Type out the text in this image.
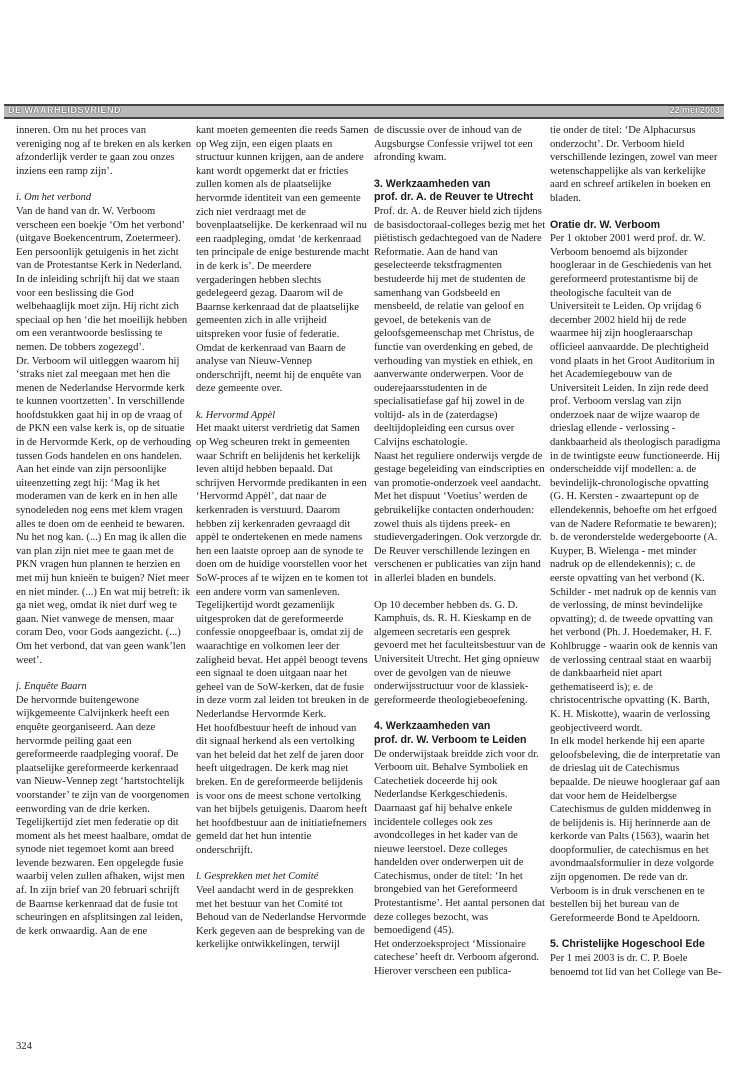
DE WAARHEIDSVRIEND	22 mei 2003

inneren. Om nu het proces van vereniging nog af te breken en als kerken afzonderlijk verder te gaan zou onzes inziens een ramp zijn’.

i. Om het verbond

Van de hand van dr. W. Verboom verscheen een boekje ‘Om het verbond’ (uitgave Boekencentrum, Zoetermeer). Een persoonlijk getuigenis in het zicht van de Protestantse Kerk in Nederland. In de inleiding schrijft hij dat we staan voor een beslissing die God welbehaaglijk moet zijn. Hij richt zich speciaal op hen ‘die het moeilijk hebben om een verantwoorde beslissing te nemen. De tobbers zogezegd’.

Dr. Verboom wil uitleggen waarom hij ‘straks niet zal meegaan met hen die menen de Nederlandse Hervormde kerk te kunnen voortzetten’. In verschillende hoofdstukken gaat hij in op de vraag of de PKN een valse kerk is, op de situatie in de Hervormde Kerk, op de verhouding tussen Gods handelen en ons handelen. Aan het einde van zijn persoonlijke uiteenzetting zegt hij: ‘Mag ik het moderamen van de kerk en in hen alle synodeleden nog eens met klem vragen alles te doen om de eenheid te bewaren. Nu het nog kan. (...) En mag ik allen die van plan zijn niet mee te gaan met de PKN vragen hun plannen te herzien en met mij hun knieën te buigen? Niet meer en niet minder. (...) En wat mij betreft: ik ga niet weg, omdat ik niet durf weg te gaan. Niet vanwege de mensen, maar coram Deo, voor Gods aangezicht. (...) Om het verbond, dat van geen wank’len weet’.

j. Enquête Baarn

De hervormde buitengewone wijkgemeente Calvijnkerk heeft een enquête georganiseerd. Aan deze hervormde peiling gaat een gereformeerde raadpleging vooraf. De plaatselijke gereformeerde kerkenraad van Nieuw-Vennep zegt ‘hartstochtelijk voorstander’ te zijn van de voorgenomen eenwording van de drie kerken. Tegelijkertijd ziet men federatie op dit moment als het meest haalbare, omdat de synode niet tegemoet komt aan breed levende bezwaren. Een opgelegde fusie waarbij velen zullen afhaken, wijst men af. In zijn brief van 20 februari schrijft de Baarnse kerkenraad dat de fusie tot scheuringen en afsplitsingen zal leiden, de kerk onwaardig. Aan de ene

kant moeten gemeenten die reeds Samen op Weg zijn, een eigen plaats en structuur kunnen krijgen, aan de andere kant wordt opgemerkt dat er fricties zullen komen als de plaatselijke hervormde identiteit van een gemeente zich niet verdraagt met de bovenplaatselijke. De kerkenraad wil nu een raadpleging, omdat ‘de kerkenraad ten principale de enige besturende macht in de kerk is’. De meerdere vergaderingen hebben slechts gedelegeerd gezag. Daarom wil de Baarnse kerkenraad dat de plaatselijke gemeenten zich in alle vrijheid uitspreken voor fusie of federatie. Omdat de kerkenraad van Baarn de analyse van Nieuw-Vennep onderschrijft, neemt hij de enquête van deze gemeente over.

k. Hervormd Appèl

Het maakt uiterst verdrietig dat Samen op Weg scheuren trekt in gemeenten waar Schrift en belijdenis het kerkelijk leven altijd hebben bepaald. Dat schrijven Hervormde predikanten in een ‘Hervormd Appèl’, dat naar de kerkenraden is verstuurd. Daarom hebben zij kerkenraden gevraagd dit appèl te ondertekenen en mede namens hen een laatste oproep aan de synode te doen om de huidige voorstellen voor het SoW-proces af te wijzen en te komen tot een andere vorm van samenleven. Tegelijkertijd wordt gezamenlijk uitgesproken dat de gereformeerde confessie onopgeefbaar is, omdat zij de waarachtige en volkomen leer der zaligheid bevat. Het appèl beoogt tevens een signaal te doen uitgaan naar het geheel van de SoW-kerken, dat de fusie in deze vorm zal leiden tot breuken in de Nederlandse Hervormde Kerk.

Het hoofdbestuur heeft de inhoud van dit signaal herkend als een vertolking van het beleid dat het zelf de jaren door heeft uitgedragen. De kerk mag niet breken. En de gereformeerde belijdenis is voor ons de meest schone vertolking van het bijbels getuigenis. Daarom heeft het hoofdbestuur aan de initiatiefnemers gemeld dat het hun intentie onderschrijft.

l. Gesprekken met het Comité

Veel aandacht werd in de gesprekken met het bestuur van het Comité tot Behoud van de Nederlandse Hervormde Kerk gegeven aan de bespreking van de kerkelijke ontwikkelingen, terwijl

de discussie over de inhoud van de Augsburgse Confessie vrijwel tot een afronding kwam.

3. Werkzaamheden van
prof. dr. A. de Reuver te Utrecht

Prof. dr. A. de Reuver hield zich tijdens de basisdoctoraal-colleges bezig met het piëtistisch gedachtegoed van de Nadere Reformatie. Aan de hand van geselecteerde tekstfragmenten bestudeerde hij met de studenten de samenhang van Godsbeeld en mensbeeld, de relatie van geloof en gevoel, de betekenis van de geloofsgemeenschap met Christus, de functie van overdenking en gebed, de verhouding van mystiek en ethiek, en aanverwante onderwerpen. Voor de ouderejaarsstudenten in de specialisatiefase gaf hij zowel in de voltijd- als in de (zaterdagse) deeltijdopleiding een cursus over Calvijns eschatologie.

Naast het reguliere onderwijs vergde de gestage begeleiding van eindscripties en van promotie-onderzoek veel aandacht. Met het dispuut ‘Voetius’ werden de gebruikelijke contacten onderhouden: zowel thuis als tijdens preek- en studievergaderingen. Ook verzorgde dr. De Reuver verschillende lezingen en verschenen er publicaties van zijn hand in allerlei bladen en bundels.

Op 10 december hebben ds. G. D. Kamphuis, ds. R. H. Kieskamp en de algemeen secretaris een gesprek gevoerd met het faculteitsbestuur van de Universiteit Utrecht. Het ging opnieuw over de gevolgen van de nieuwe onderwijsstructuur voor de klassiek-gereformeerde theologiebeoefening.

4. Werkzaamheden van
prof. dr. W. Verboom te Leiden

De onderwijstaak breidde zich voor dr. Verboom uit. Behalve Symboliek en Catechetiek doceerde hij ook Nederlandse Kerkgeschiedenis. Daarnaast gaf hij behalve enkele incidentele colleges ook zes avondcolleges in het kader van de nieuwe leerstoel. Deze colleges handelden over onderwerpen uit de Catechismus, onder de titel: ‘In het brongebied van het Gereformeerd Protestantisme’. Het aantal personen dat deze colleges bezocht, was bemoedigend (45).

Het onderzoeksproject ‘Missionaire catechese’ heeft dr. Verboom afgerond. Hierover verscheen een publica-

tie onder de titel: ‘De Alphacursus onderzocht’. Dr. Verboom hield verschillende lezingen, zowel van meer wetenschappelijke als van kerkelijke aard en schreef artikelen in boeken en bladen.

Oratie dr. W. Verboom

Per 1 oktober 2001 werd prof. dr. W. Verboom benoemd als bijzonder hoogleraar in de Geschiedenis van het gereformeerd protestantisme bij de theologische faculteit van de Universiteit te Leiden. Op vrijdag 6 december 2002 hield hij de rede waarmee hij zijn hoogleraarschap officieel aanvaardde. De plechtigheid vond plaats in het Groot Auditorium in het Academiegebouw van de Universiteit Leiden. In zijn rede deed prof. Verboom verslag van zijn onderzoek naar de wijze waarop de drieslag ellende - verlossing - dankbaarheid als theologisch paradigma in de twintigste eeuw functioneerde. Hij onderscheidde vijf modellen: a. de bevindelijk-chronologische opvatting (G. H. Kersten - zwaartepunt op de ellendekennis, behoefte om het erfgoed van de Nadere Reformatie te bewaren); b. de veronderstelde wedergeboorte (A. Kuyper, B. Wielenga - met minder nadruk op de ellendekennis); c. de eerste opvatting van het verbond (K. Schilder - met nadruk op de kennis van de verlossing, de minst bevindelijke opvatting); d. de tweede opvatting van het verbond (Ph. J. Hoedemaker, H. F. Kohlbrugge - waarin ook de kennis van de verlossing centraal staat en waarbij de dankbaarheid niet apart gethematiseerd is); e. de christocentrische opvatting (K. Barth, K. H. Miskotte), waarin de verlossing geobjectiveerd wordt.

In elk model herkende hij een aparte geloofsbeleving, die de interpretatie van de drieslag uit de Catechismus bepaalde. De nieuwe hoogleraar gaf aan dat voor hem de Heidelbergse Catechismus de gulden middenweg in de belijdenis is. Hij herinnerde aan de kerkorde van Palts (1563), waarin het doopformulier, de catechismus en het avondmaalsformulier in deze volgorde zijn opgenomen. De rede van dr. Verboom is in druk verschenen en te bestellen bij het bureau van de Gereformeerde Bond te Apeldoorn.

5. Christelijke Hogeschool Ede

Per 1 mei 2003 is dr. C. P. Boele benoemd tot lid van het College van Be-

324
